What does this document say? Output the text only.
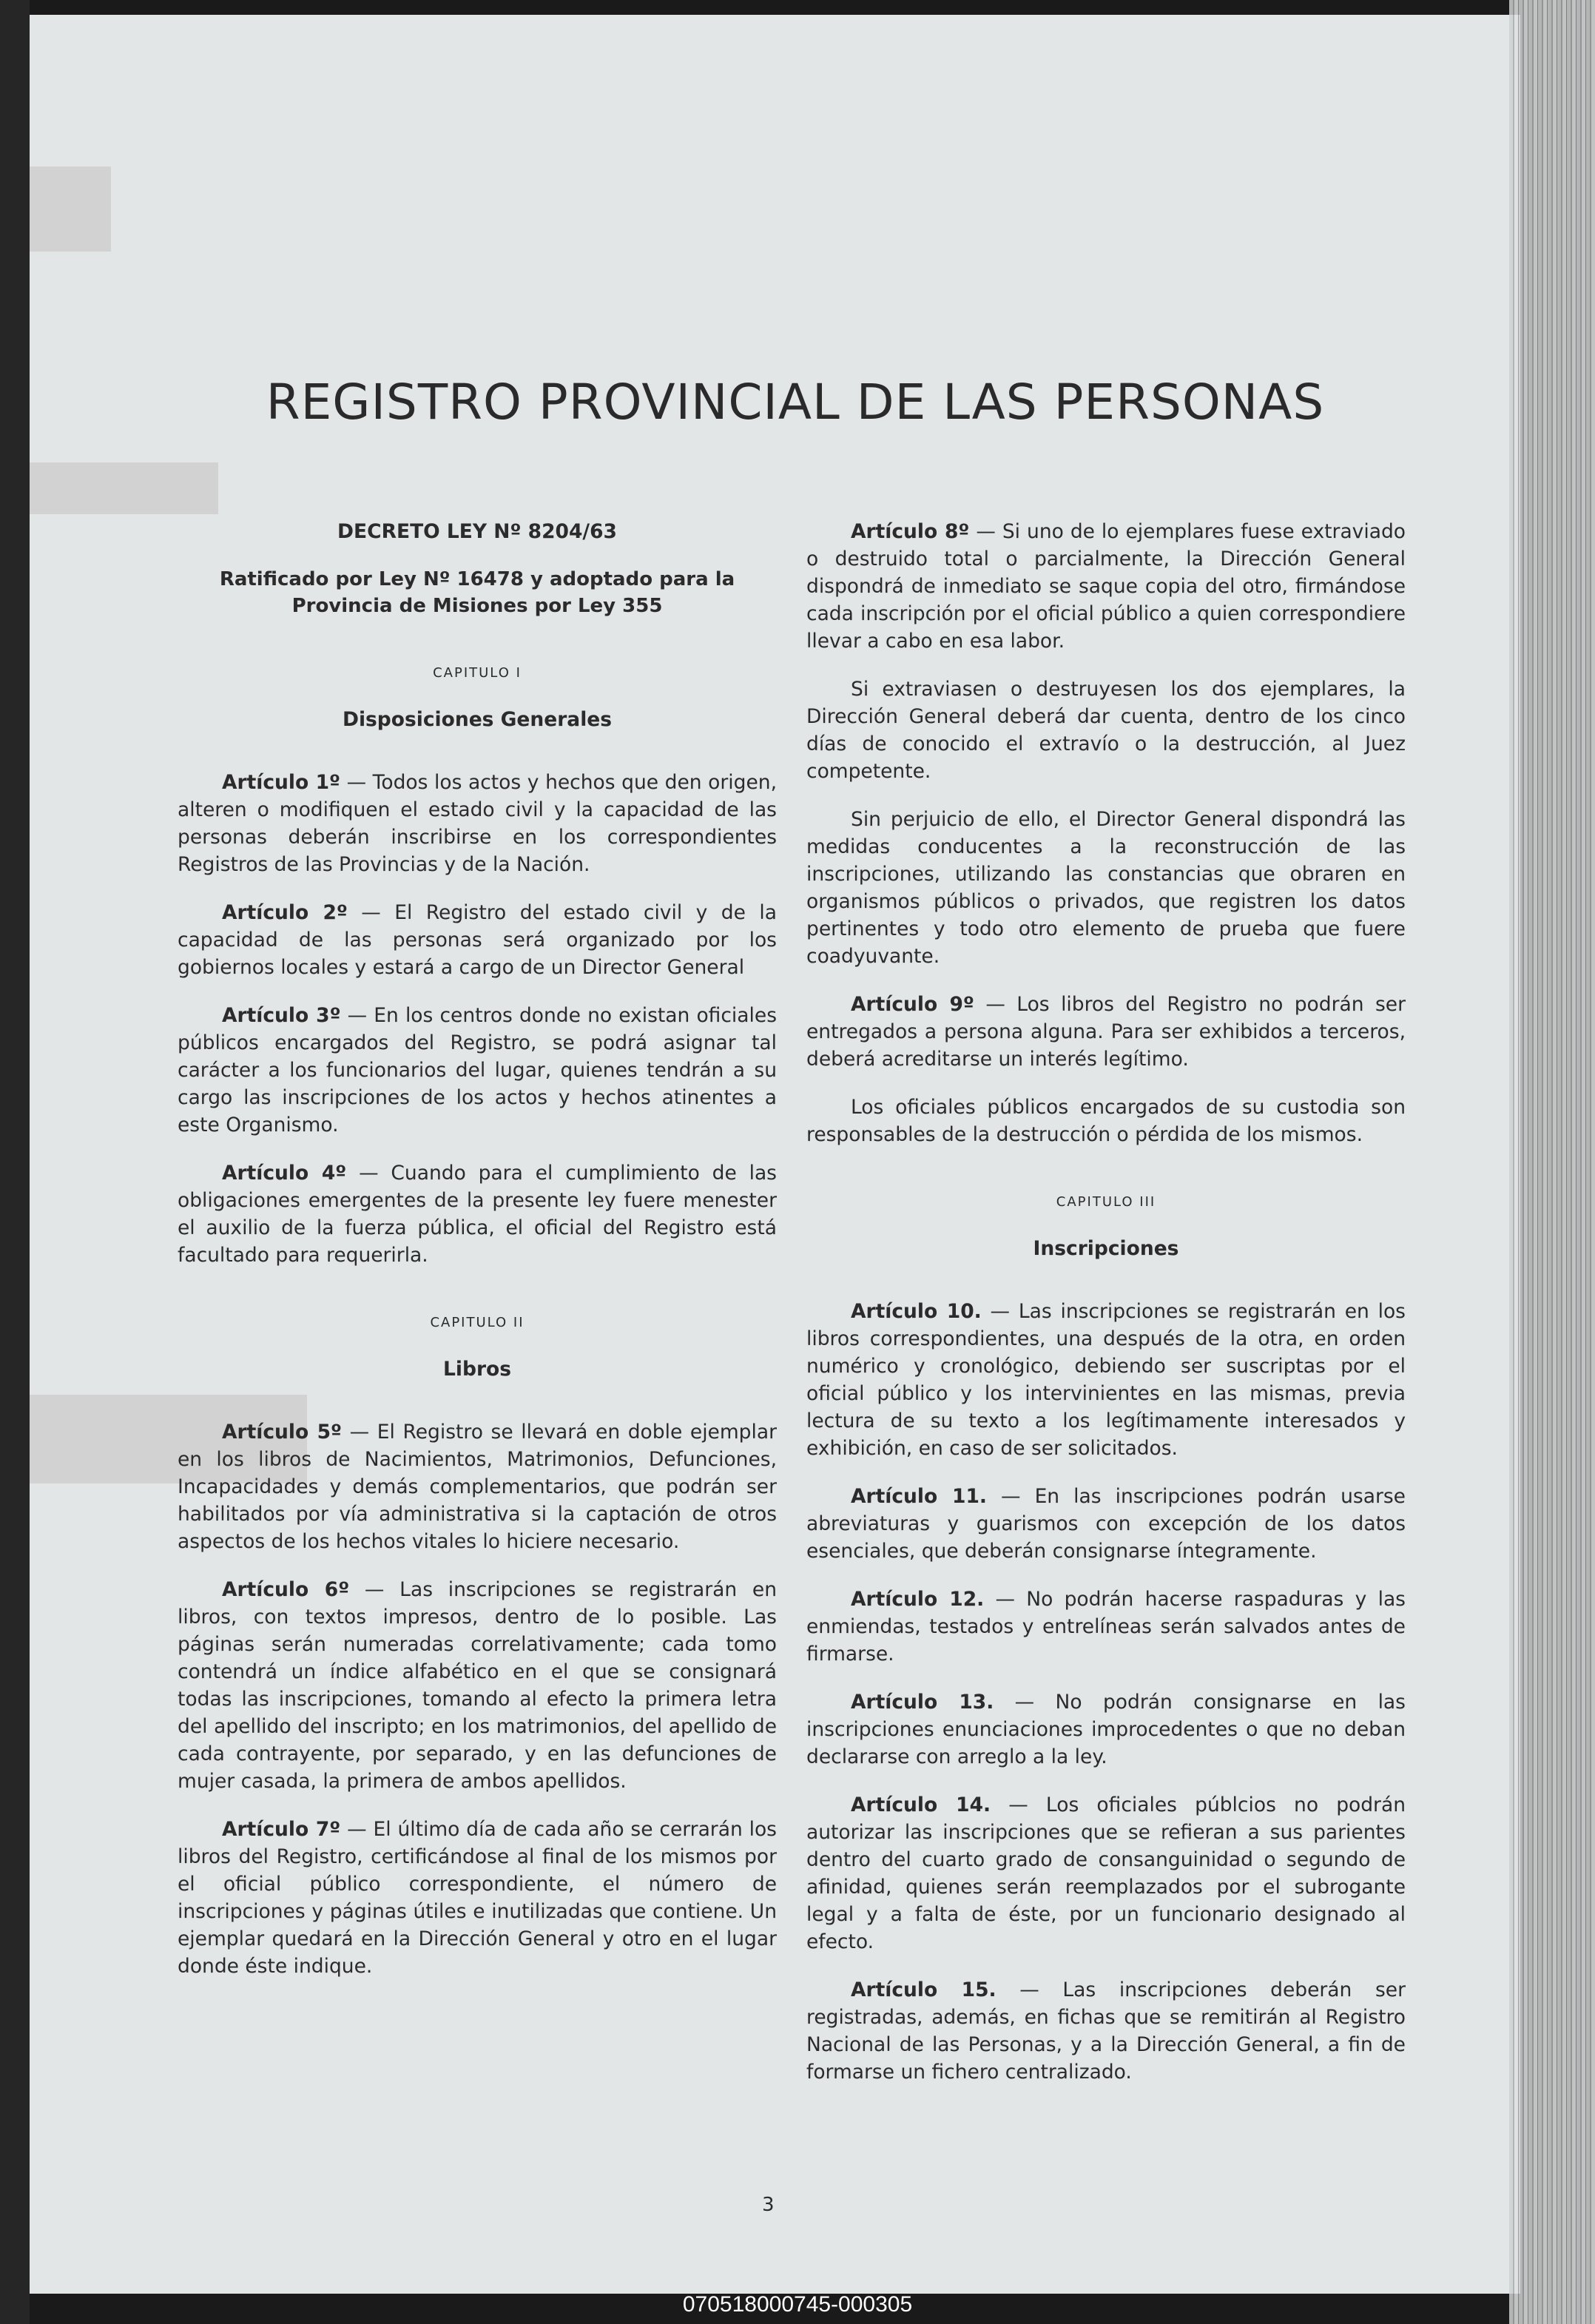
REGISTRO PROVINCIAL DE LAS PERSONAS
DECRETO LEY Nº 8204/63
Ratificado por Ley Nº 16478 y adoptado para la Provincia de Misiones por Ley 355
CAPITULO I
Disposiciones Generales

Artículo 1º — Todos los actos y hechos que den origen, alteren o modifiquen el estado civil y la capacidad de las personas deberán inscribirse en los correspondientes Registros de las Provincias y de la Nación.

Artículo 2º — El Registro del estado civil y de la capacidad de las personas será organizado por los gobiernos locales y estará a cargo de un Director General

Artículo 3º — En los centros donde no existan oficiales públicos encargados del Registro, se podrá asignar tal carácter a los funcionarios del lugar, quienes tendrán a su cargo las inscripciones de los actos y hechos atinentes a este Organismo.

Artículo 4º — Cuando para el cumplimiento de las obligaciones emergentes de la presente ley fuere menester el auxilio de la fuerza pública, el oficial del Registro está facultado para requerirla.

CAPITULO II
Libros

Artículo 5º — El Registro se llevará en doble ejemplar en los libros de Nacimientos, Matrimonios, Defunciones, Incapacidades y demás complementarios, que podrán ser habilitados por vía administrativa si la captación de otros aspectos de los hechos vitales lo hiciere necesario.

Artículo 6º — Las inscripciones se registrarán en libros, con textos impresos, dentro de lo posible. Las páginas serán numeradas correlativamente; cada tomo contendrá un índice alfabético en el que se consignará todas las inscripciones, tomando al efecto la primera letra del apellido del inscripto; en los matrimonios, del apellido de cada contrayente, por separado, y en las defunciones de mujer casada, la primera de ambos apellidos.

Artículo 7º — El último día de cada año se cerrarán los libros del Registro, certificándose al final de los mismos por el oficial público correspondiente, el número de inscripciones y páginas útiles e inutilizadas que contiene. Un ejemplar quedará en la Dirección General y otro en el lugar donde éste indique.

Artículo 8º — Si uno de lo ejemplares fuese extraviado o destruido total o parcialmente, la Dirección General dispondrá de inmediato se saque copia del otro, firmándose cada inscripción por el oficial público a quien correspondiere llevar a cabo en esa labor.

Si extraviasen o destruyesen los dos ejemplares, la Dirección General deberá dar cuenta, dentro de los cinco días de conocido el extravío o la destrucción, al Juez competente.

Sin perjuicio de ello, el Director General dispondrá las medidas conducentes a la reconstrucción de las inscripciones, utilizando las constancias que obraren en organismos públicos o privados, que registren los datos pertinentes y todo otro elemento de prueba que fuere coadyuvante.

Artículo 9º — Los libros del Registro no podrán ser entregados a persona alguna. Para ser exhibidos a terceros, deberá acreditarse un interés legítimo.

Los oficiales públicos encargados de su custodia son responsables de la destrucción o pérdida de los mismos.

CAPITULO III
Inscripciones

Artículo 10. — Las inscripciones se registrarán en los libros correspondientes, una después de la otra, en orden numérico y cronológico, debiendo ser suscriptas por el oficial público y los intervinientes en las mismas, previa lectura de su texto a los legítimamente interesados y exhibición, en caso de ser solicitados.

Artículo 11. — En las inscripciones podrán usarse abreviaturas y guarismos con excepción de los datos esenciales, que deberán consignarse íntegramente.

Artículo 12. — No podrán hacerse raspaduras y las enmiendas, testados y entrelíneas serán salvados antes de firmarse.

Artículo 13. — No podrán consignarse en las inscripciones enunciaciones improcedentes o que no deban declararse con arreglo a la ley.

Artículo 14. — Los oficiales públcios no podrán autorizar las inscripciones que se refieran a sus parientes dentro del cuarto grado de consanguinidad o segundo de afinidad, quienes serán reemplazados por el subrogante legal y a falta de éste, por un funcionario designado al efecto.

Artículo 15. — Las inscripciones deberán ser registradas, además, en fichas que se remitirán al Registro Nacional de las Personas, y a la Dirección General, a fin de formarse un fichero centralizado.

3
070518000745-000305
